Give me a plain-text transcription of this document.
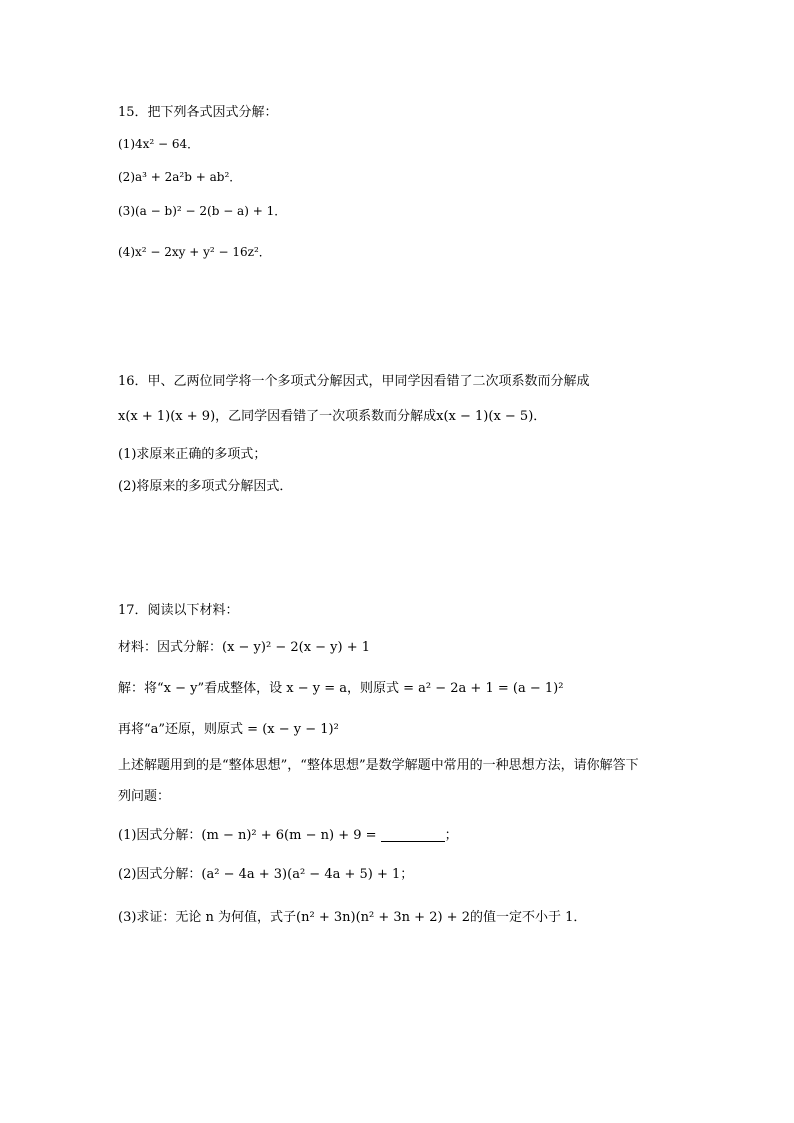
15．把下列各式因式分解：
(1)4x² − 64．
(2)a³ + 2a²b + ab²．
(3)(a − b)² − 2(b − a) + 1．
(4)x² − 2xy + y² − 16z²．
16．甲、乙两位同学将一个多项式分解因式，甲同学因看错了二次项系数而分解成
x(x + 1)(x + 9)，乙同学因看错了一次项系数而分解成x(x − 1)(x − 5)．
(1)求原来正确的多项式；
(2)将原来的多项式分解因式．
17．阅读以下材料：
材料：因式分解：(x − y)² − 2(x − y) + 1
解：将“x − y”看成整体，设 x − y = a，则原式 = a² − 2a + 1 = (a − 1)²
再将“a”还原，则原式 = (x − y − 1)²
上述解题用到的是“整体思想”，“整体思想”是数学解题中常用的一种思想方法，请你解答下
列问题：
(1)因式分解：(m − n)² + 6(m − n) + 9 =	；
(2)因式分解：(a² − 4a + 3)(a² − 4a + 5) + 1；
(3)求证：无论 n 为何值，式子(n² + 3n)(n² + 3n + 2) + 2的值一定不小于 1．
